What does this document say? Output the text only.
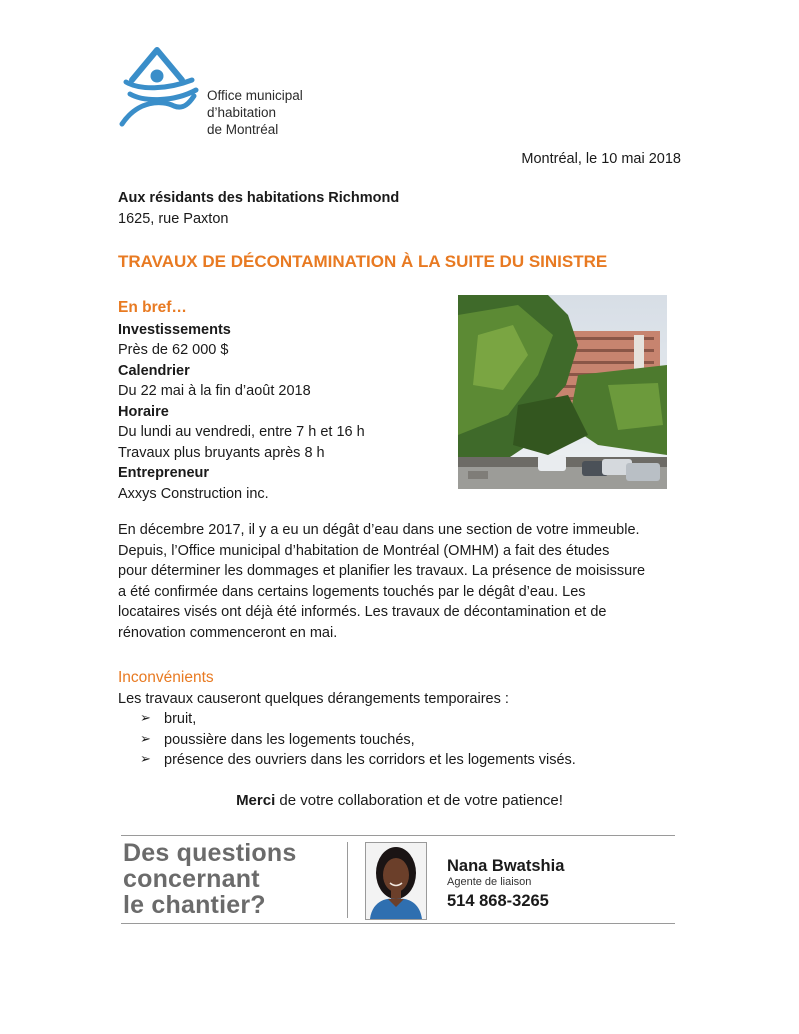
Office municipal
d’habitation
de Montréal
Montréal, le 10 mai 2018
Aux résidants des habitations Richmond
1625, rue Paxton
TRAVAUX DE DÉCONTAMINATION À LA SUITE DU SINISTRE
En bref…
Investissements
Près de 62 000 $
Calendrier
Du 22 mai à la fin d’août 2018
Horaire
Du lundi au vendredi, entre 7 h et 16 h
Travaux plus bruyants après 8 h
Entrepreneur
Axxys Construction inc.
En décembre 2017, il y a eu un dégât d’eau dans une section de votre immeuble.
Depuis, l’Office municipal d’habitation de Montréal (OMHM) a fait des études
pour déterminer les dommages et planifier les travaux. La présence de moisissure
a été confirmée dans certains logements touchés par le dégât d’eau. Les
locataires visés ont déjà été informés. Les travaux de décontamination et de
rénovation commenceront en mai.
Inconvénients
Les travaux causeront quelques dérangements temporaires :
➢ bruit,
➢ poussière dans les logements touchés,
➢ présence des ouvriers dans les corridors et les logements visés.
Merci de votre collaboration et de votre patience!
Des questions
concernant
le chantier?
Nana Bwatshia
Agente de liaison
514 868-3265
